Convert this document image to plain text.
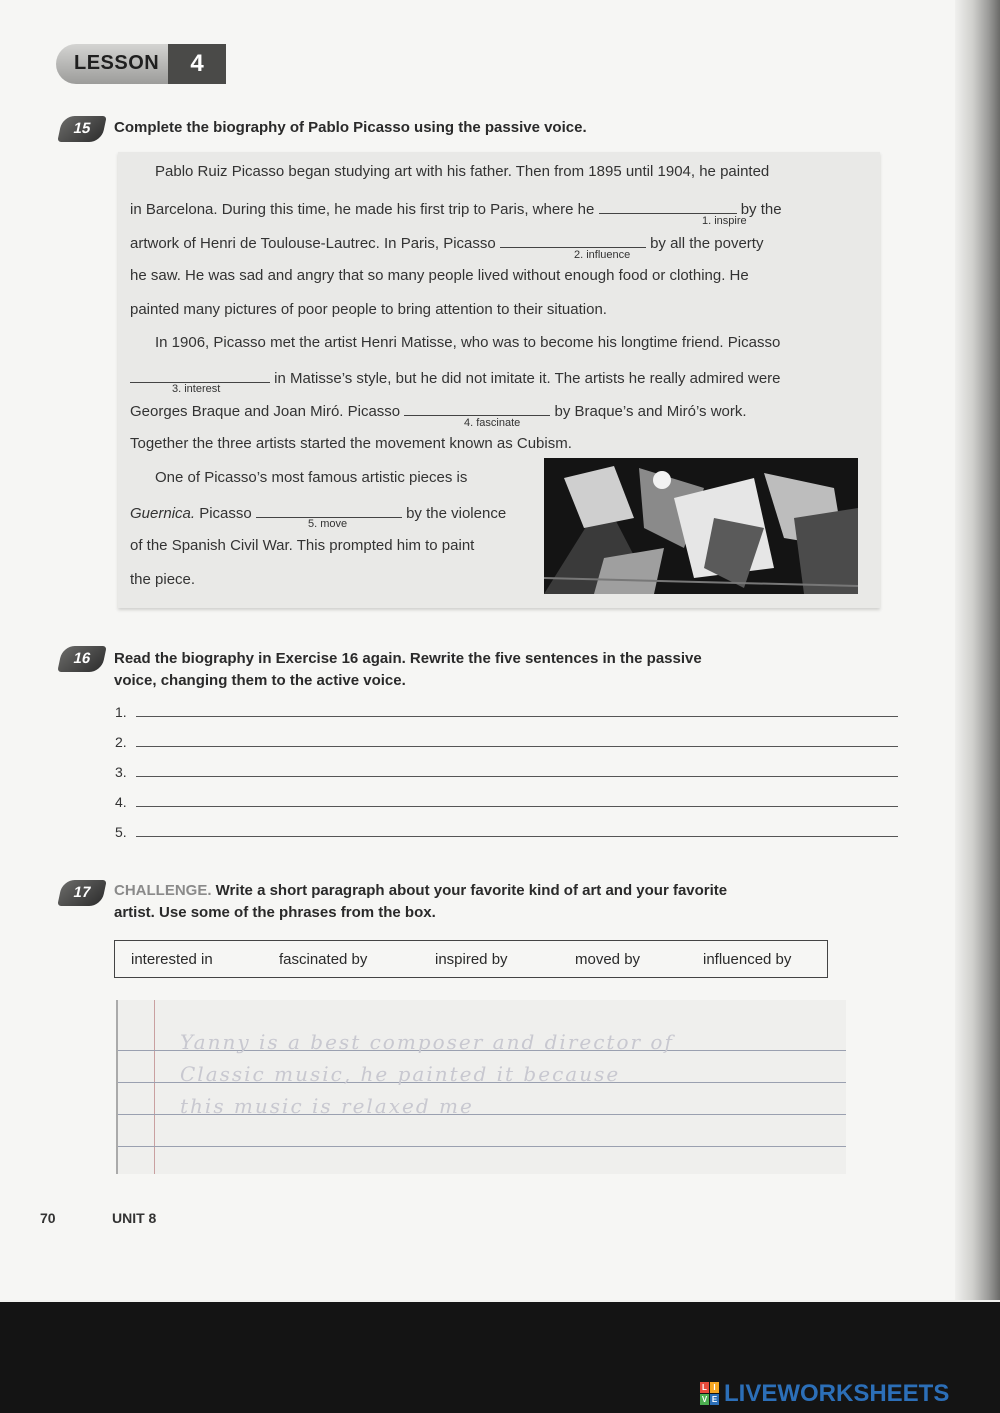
LESSON	4
15	Complete the biography of Pablo Picasso using the passive voice.
Pablo Ruiz Picasso began studying art with his father. Then from 1895 until 1904, he painted
in Barcelona. During this time, he made his first trip to Paris, where he	by the
1. inspire
artwork of Henri de Toulouse-Lautrec. In Paris, Picasso	by all the poverty
2. influence
he saw. He was sad and angry that so many people lived without enough food or clothing. He
painted many pictures of poor people to bring attention to their situation.
In 1906, Picasso met the artist Henri Matisse, who was to become his longtime friend. Picasso
in Matisse’s style, but he did not imitate it. The artists he really admired were
3. interest
Georges Braque and Joan Miró. Picasso	by Braque’s and Miró’s work.
4. fascinate
Together the three artists started the movement known as Cubism.
One of Picasso’s most famous artistic pieces is
Guernica. Picasso	by the violence
5. move
of the Spanish Civil War. This prompted him to paint
the piece.
16	Read the biography in Exercise 16 again. Rewrite the five sentences in the passive
voice, changing them to the active voice.
1.
2.
3.
4.
5.
17	CHALLENGE. Write a short paragraph about your favorite kind of art and your favorite
artist. Use some of the phrases from the box.
interested in	fascinated by	inspired by	moved by	influenced by
Yanny is a best composer and director of
Classic music, he painted it because
this music is relaxed me
70	UNIT 8
L I
V E LIVEWORKSHEETS
